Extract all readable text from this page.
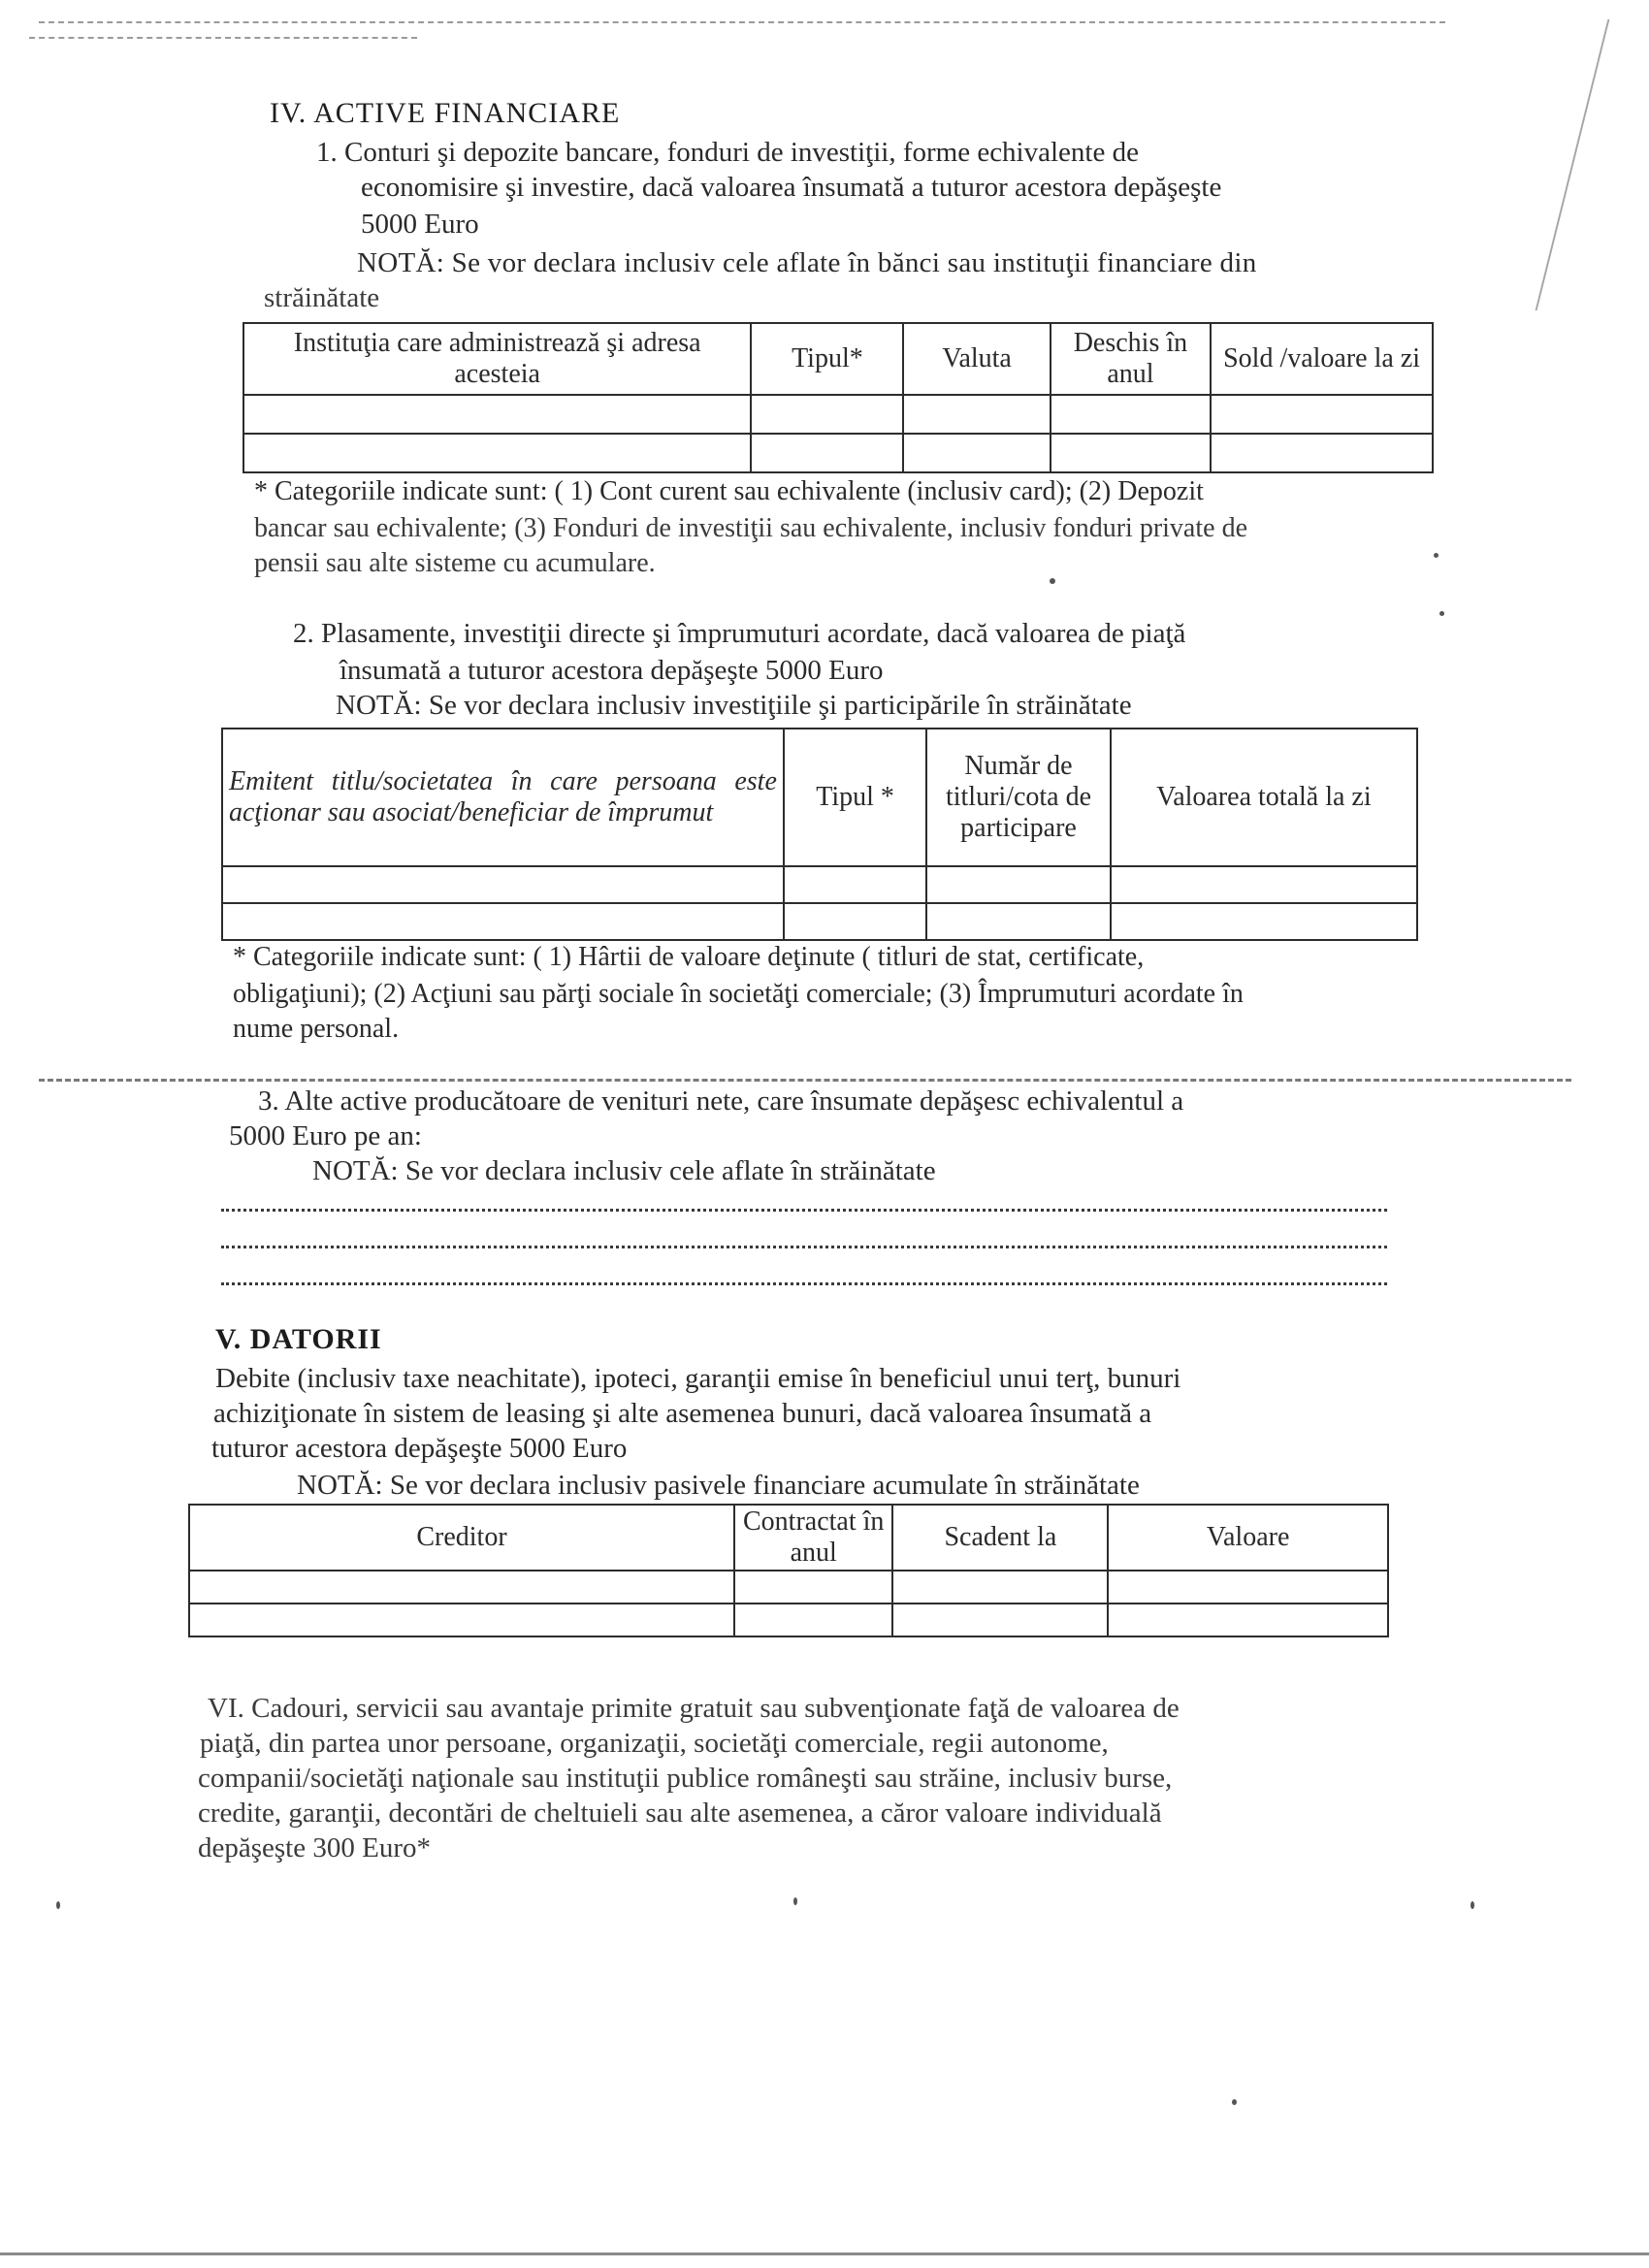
IV. ACTIVE FINANCIARE
1. Conturi şi depozite bancare, fonduri de investiţii, forme echivalente de
economisire şi investire, dacă valoarea însumată a tuturor acestora depăşeşte
5000 Euro
NOTĂ: Se vor declara inclusiv cele aflate în bănci sau instituţii financiare din
străinătate
Instituţia care administrează şi adresa acesteia	Tipul*	Valuta	Deschis în anul	Sold /valoare la zi

* Categoriile indicate sunt: ( 1) Cont curent sau echivalente (inclusiv card); (2) Depozit
bancar sau echivalente; (3) Fonduri de investiţii sau echivalente, inclusiv fonduri private de
pensii sau alte sisteme cu acumulare.
2. Plasamente, investiţii directe şi împrumuturi acordate, dacă valoarea de piaţă
însumată a tuturor acestora depăşeşte 5000 Euro
NOTĂ: Se vor declara inclusiv investiţiile şi participările în străinătate
Emitent titlu/societatea în care persoana este acţionar sau asociat/beneficiar de împrumut	Tipul *	Număr de titluri/cota de participare	Valoarea totală la zi

* Categoriile indicate sunt: ( 1) Hârtii de valoare deţinute ( titluri de stat, certificate,
obligaţiuni); (2) Acţiuni sau părţi sociale în societăţi comerciale; (3) Împrumuturi acordate în
nume personal.
3. Alte active producătoare de venituri nete, care însumate depăşesc echivalentul a
5000 Euro pe an:
NOTĂ: Se vor declara inclusiv cele aflate în străinătate
V. DATORII
Debite (inclusiv taxe neachitate), ipoteci, garanţii emise în beneficiul unui terţ, bunuri
achiziţionate în sistem de leasing şi alte asemenea bunuri, dacă valoarea însumată a
tuturor acestora depăşeşte 5000 Euro
NOTĂ: Se vor declara inclusiv pasivele financiare acumulate în străinătate
Creditor	Contractat în anul	Scadent la	Valoare

VI. Cadouri, servicii sau avantaje primite gratuit sau subvenţionate faţă de valoarea de
piaţă, din partea unor persoane, organizaţii, societăţi comerciale, regii autonome,
companii/societăţi naţionale sau instituţii publice româneşti sau străine, inclusiv burse,
credite, garanţii, decontări de cheltuieli sau alte asemenea, a căror valoare individuală
depăşeşte 300 Euro*
